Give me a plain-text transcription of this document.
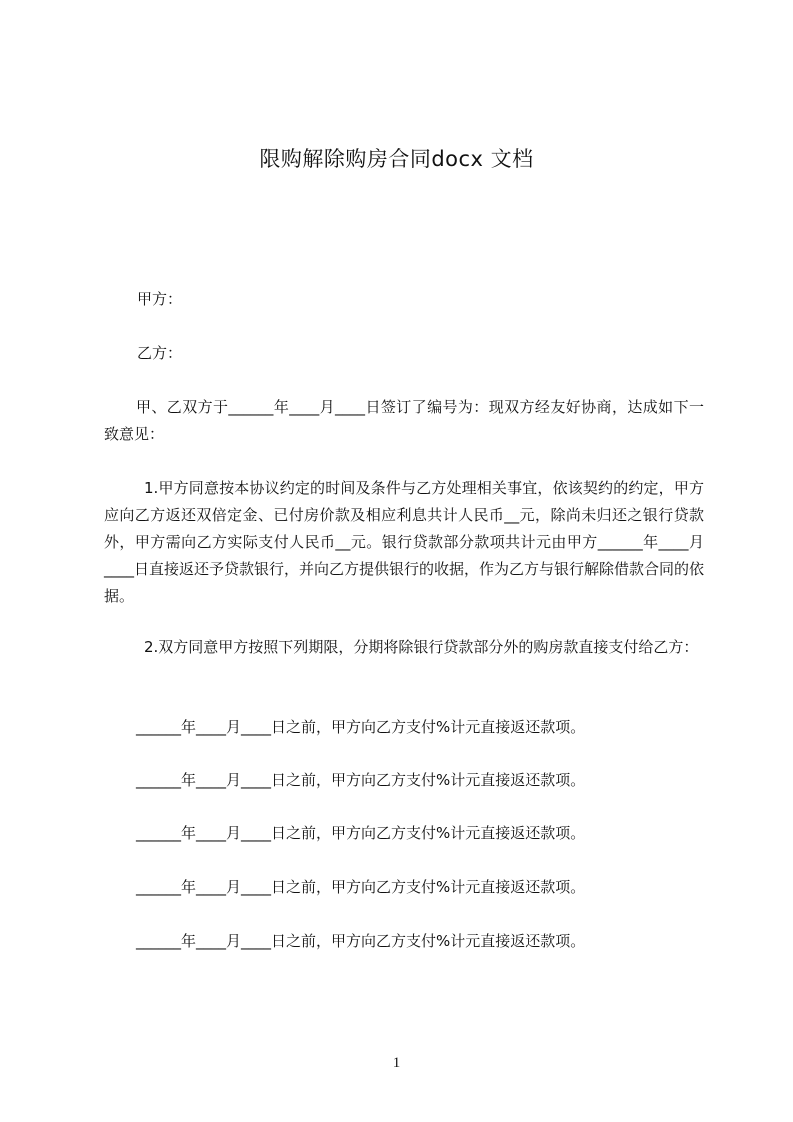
限购解除购房合同docx 文档
甲方：
乙方：
甲、乙双方于______年____月____日签订了编号为：现双方经友好协商，达成如下一致意见：
1.甲方同意按本协议约定的时间及条件与乙方处理相关事宜，依该契约的约定，甲方应向乙方返还双倍定金、已付房价款及相应利息共计人民币__元，除尚未归还之银行贷款外，甲方需向乙方实际支付人民币__元。银行贷款部分款项共计元由甲方______年____月____日直接返还予贷款银行，并向乙方提供银行的收据，作为乙方与银行解除借款合同的依据。
2.双方同意甲方按照下列期限，分期将除银行贷款部分外的购房款直接支付给乙方：
______年____月____日之前，甲方向乙方支付%计元直接返还款项。
______年____月____日之前，甲方向乙方支付%计元直接返还款项。
______年____月____日之前，甲方向乙方支付%计元直接返还款项。
______年____月____日之前，甲方向乙方支付%计元直接返还款项。
______年____月____日之前，甲方向乙方支付%计元直接返还款项。
1
